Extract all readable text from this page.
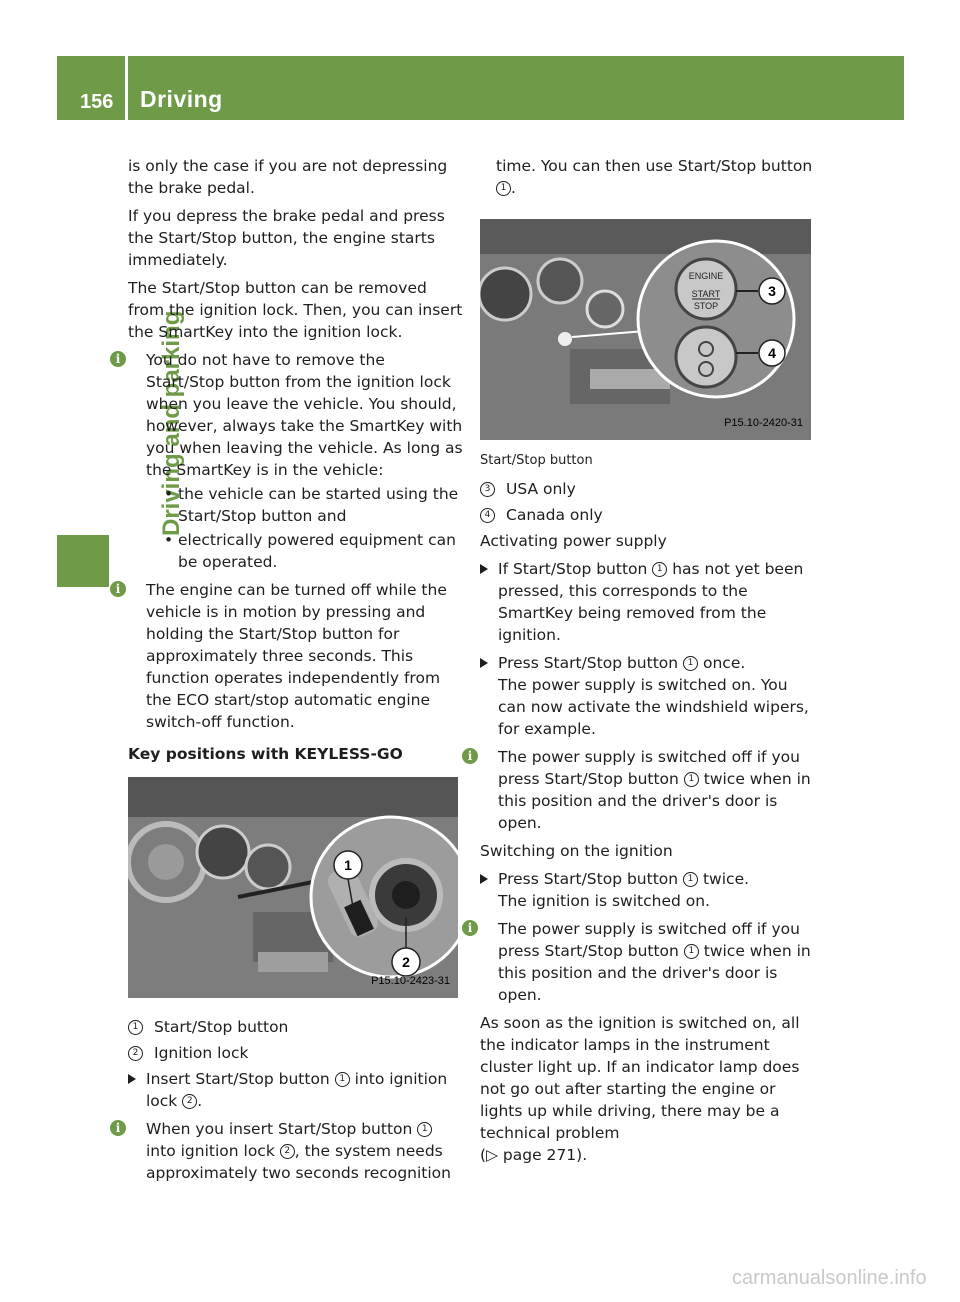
156 Driving
Driving and parking

is only the case if you are not depressing the brake pedal.

If you depress the brake pedal and press the Start/Stop button, the engine starts immediately.

The Start/Stop button can be removed from the ignition lock. Then, you can insert the SmartKey into the ignition lock.

i	You do not have to remove the Start/Stop button from the ignition lock when you leave the vehicle. You should, however, always take the SmartKey with you when leaving the vehicle. As long as the SmartKey is in the vehicle:
• the vehicle can be started using the Start/Stop button and
• electrically powered equipment can be operated.
i	The engine can be turned off while the vehicle is in motion by pressing and holding the Start/Stop button for approximately three seconds. This function operates independently from the ECO start/stop automatic engine switch-off function.
Key positions with KEYLESS-GO
1
2
P15.10-2423-31
1 Start/Stop button
2 Ignition lock
Insert Start/Stop button 1 into ignition lock 2 .
i	When you insert Start/Stop button 1 into ignition lock 2 , the system needs approximately two seconds recognition
time. You can then use Start/Stop button 1 .
ENGINE
START
STOP
3
4
P15.10-2420-31
Start/Stop button
3 USA only
4 Canada only

Activating power supply

If Start/Stop button 1 has not yet been pressed, this corresponds to the SmartKey being removed from the ignition.
Press Start/Stop button 1 once.
The power supply is switched on. You can now activate the windshield wipers, for example.
i	The power supply is switched off if you press Start/Stop button 1 twice when in this position and the driver's door is open.

Switching on the ignition

Press Start/Stop button 1 twice.
The ignition is switched on.
i	The power supply is switched off if you press Start/Stop button 1 twice when in this position and the driver's door is open.

As soon as the ignition is switched on, all the indicator lamps in the instrument cluster light up. If an indicator lamp does not go out after starting the engine or lights up while driving, there may be a technical problem
(▷ page 271).

carmanualsonline.info
